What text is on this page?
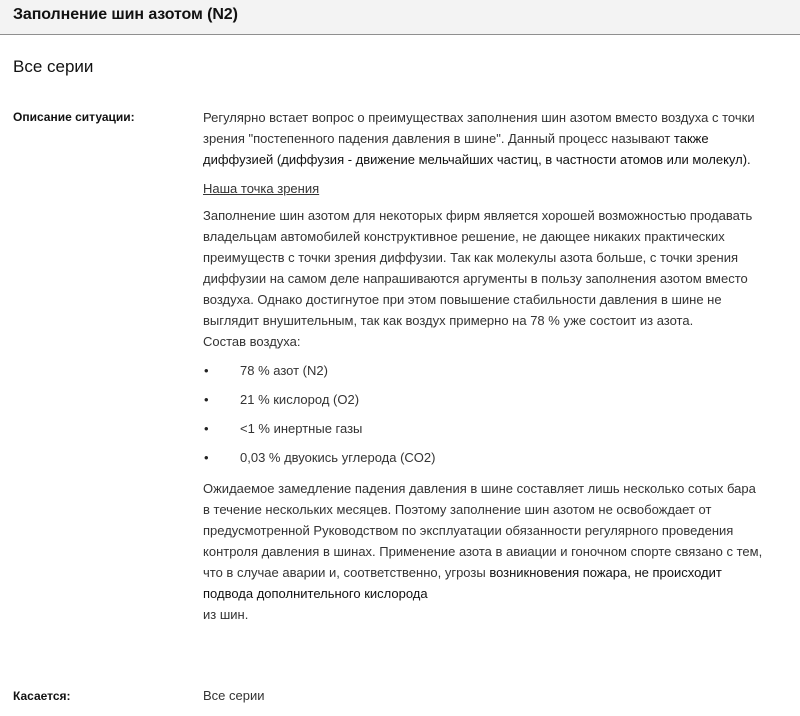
Заполнение шин азотом (N2)
Все серии
Описание ситуации:	Регулярно встает вопрос о преимуществах заполнения шин азотом вместо воздуха с точки зрения "постепенного падения давления в шине". Данный процесс называют также диффузией (диффузия - движение мельчайших частиц, в частности атомов или молекул).

Наша точка зрения

Заполнение шин азотом для некоторых фирм является хорошей возможностью продавать владельцам автомобилей конструктивное решение, не дающее никаких практических преимуществ с точки зрения диффузии. Так как молекулы азота больше, с точки зрения диффузии на самом деле напрашиваются аргументы в пользу заполнения азотом вместо воздуха. Однако достигнутое при этом повышение стабильности давления в шине не выглядит внушительным, так как воздух примерно на 78 % уже состоит из азота.

Состав воздуха:

• 78 % азот (N2)
• 21 % кислород (O2)
• <1 % инертные газы
• 0,03 % двуокись углерода (CO2)

Ожидаемое замедление падения давления в шине составляет лишь несколько сотых бара в течение нескольких месяцев. Поэтому заполнение шин азотом не освобождает от предусмотренной Руководством по эксплуатации обязанности регулярного проведения контроля давления в шинах. Применение азота в авиации и гоночном спорте связано с тем, что в случае аварии и, соответственно, угрозы возникновения пожара, не происходит подвода дополнительного кислорода
из шин.

Касается:	Все серии
